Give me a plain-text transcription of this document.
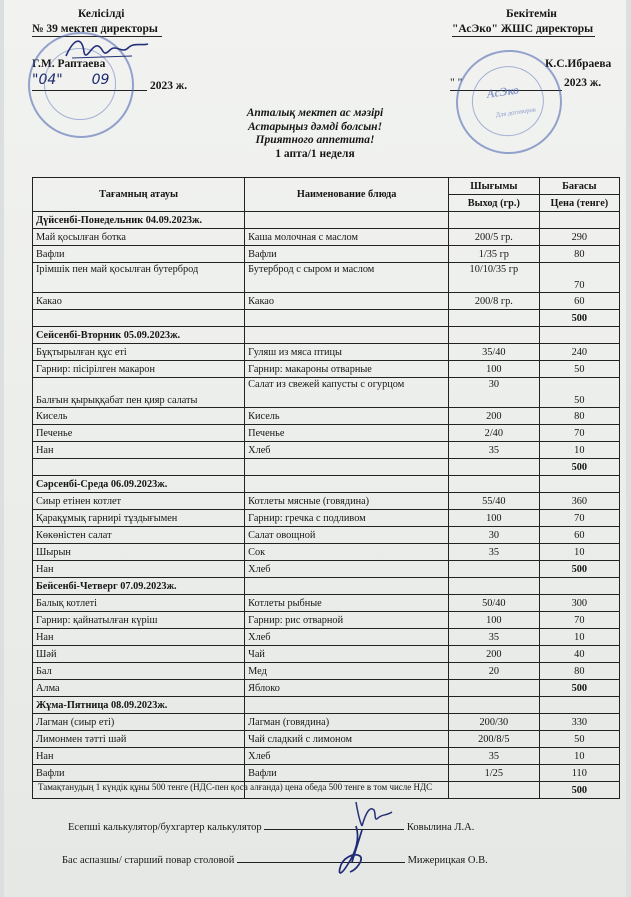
Келісілді
№ 39 мектеп директоры
Г.М. Раптаева
"04" 09	2023 ж.
Бекітемін
"АсЭко" ЖШС директоры
К.С.Ибраева
" "	2023 ж.
АсЭко
Для договоров
Апталық мектеп ас мәзірі
Астарыңыз дәмді болсын!
Приятного аппетита!
1 апта/1 неделя
Тағамның атауы	Наименование блюда	Шығымы	Бағасы
		Выход (гр.)	Цена (тенге)
Дүйсенбі-Понедельник 04.09.2023ж.			
Май қосылған ботка	Каша молочная с маслом	200/5 гр.	290
Вафли	Вафли	1/35 гр	80
Ірімшік пен май қосылған бутерброд	Бутерброд с сыром и маслом	10/10/35 гр	70
Какао	Какао	200/8 гр.	60
			500
Сейсенбі-Вторник 05.09.2023ж.			
Бұқтырылған құс еті	Гуляш из мяса птицы	35/40	240
Гарнир: пісірілген макарон	Гарнир: макароны отварные	100	50
Балғын қырыққабат пен қияр салаты	Салат из свежей капусты с огурцом	30	50
Кисель	Кисель	200	80
Печенье	Печенье	2/40	70
Нан	Хлеб	35	10
			500
Сәрсенбі-Среда 06.09.2023ж.			
Сиыр етінен котлет	Котлеты мясные (говядина)	55/40	360
Қарақұмық гарнирі тұздығымен	Гарнир: гречка с подливом	100	70
Көкөністен салат	Салат овощной	30	60
Шырын	Сок	35	10
Нан	Хлеб		500
Бейсенбі-Четверг 07.09.2023ж.			
Балық котлеті	Котлеты рыбные	50/40	300
Гарнир: қайнатылған күріш	Гарнир: рис отварной	100	70
Нан	Хлеб	35	10
Шәй	Чай	200	40
Бал	Мед	20	80
Алма	Яблоко		500
Жұма-Пятница 08.09.2023ж.			
Лагман (сиыр еті)	Лагман (говядина)	200/30	330
Лимонмен тәтті шәй	Чай сладкий с лимоном	200/8/5	50
Нан	Хлеб	35	10
Вафли	Вафли	1/25	110
			500
Тамақтанудың 1 күндік құны 500 тенге (НДС-пен қоса алғанда) цена обеда 500 тенге в том числе НДС
Есепші калькулятор/бухгартер калькулятор	Ковылина Л.А.
Бас аспазшы/ старший повар столовой	Мижерицкая О.В.
